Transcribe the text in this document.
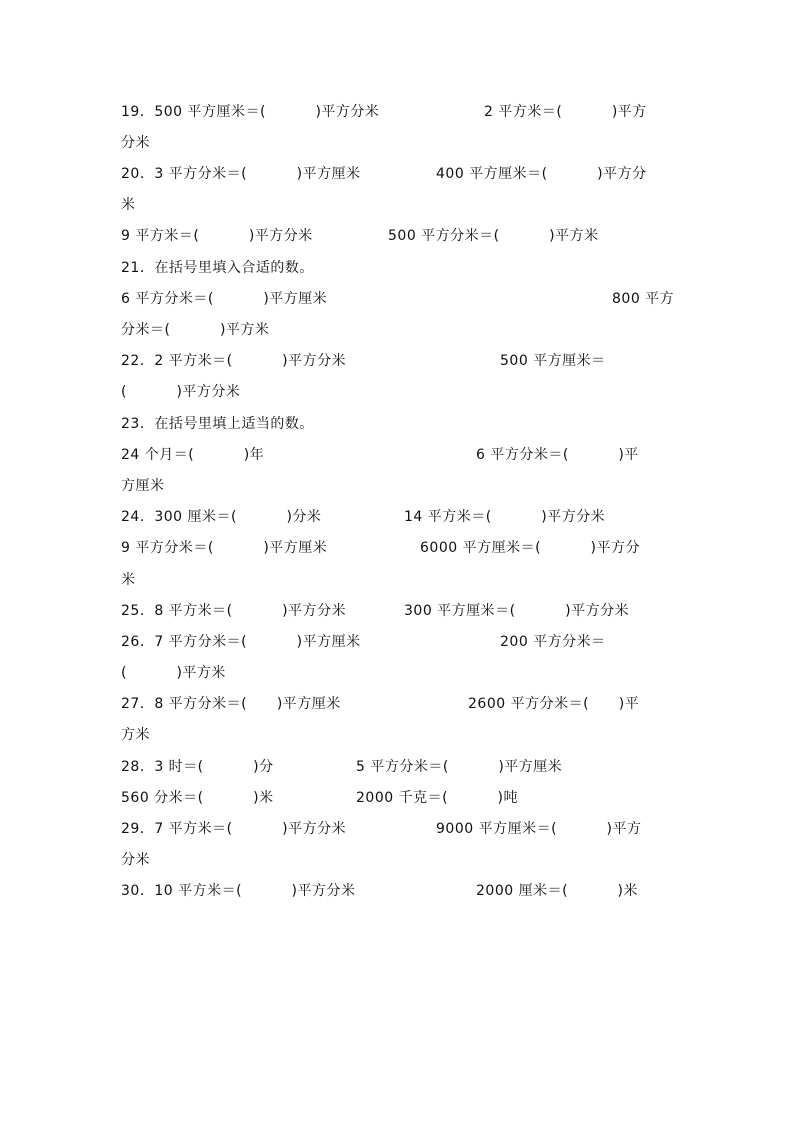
19．500 平方厘米＝(          )平方分米	2 平方米＝(          )平方
分米
20．3 平方分米＝(          )平方厘米	400 平方厘米＝(          )平方分
米
9 平方米＝(          )平方分米	500 平方分米＝(          )平方米
21．在括号里填入合适的数。
6 平方分米＝(          )平方厘米	800 平方
分米＝(          )平方米
22．2 平方米＝(          )平方分米	500 平方厘米＝
(          )平方分米
23．在括号里填上适当的数。
24 个月＝(          )年	6 平方分米＝(          )平
方厘米
24．300 厘米＝(          )分米	14 平方米＝(          )平方分米
9 平方分米＝(          )平方厘米	6000 平方厘米＝(          )平方分
米
25．8 平方米＝(          )平方分米	300 平方厘米＝(          )平方分米
26．7 平方分米＝(          )平方厘米	200 平方分米＝
(          )平方米
27．8 平方分米＝(      )平方厘米	2600 平方分米＝(      )平
方米
28．3 时＝(          )分	5 平方分米＝(          )平方厘米
560 分米＝(          )米	2000 千克＝(          )吨
29．7 平方米＝(          )平方分米	9000 平方厘米＝(          )平方
分米
30．10 平方米＝(          )平方分米	2000 厘米＝(          )米
